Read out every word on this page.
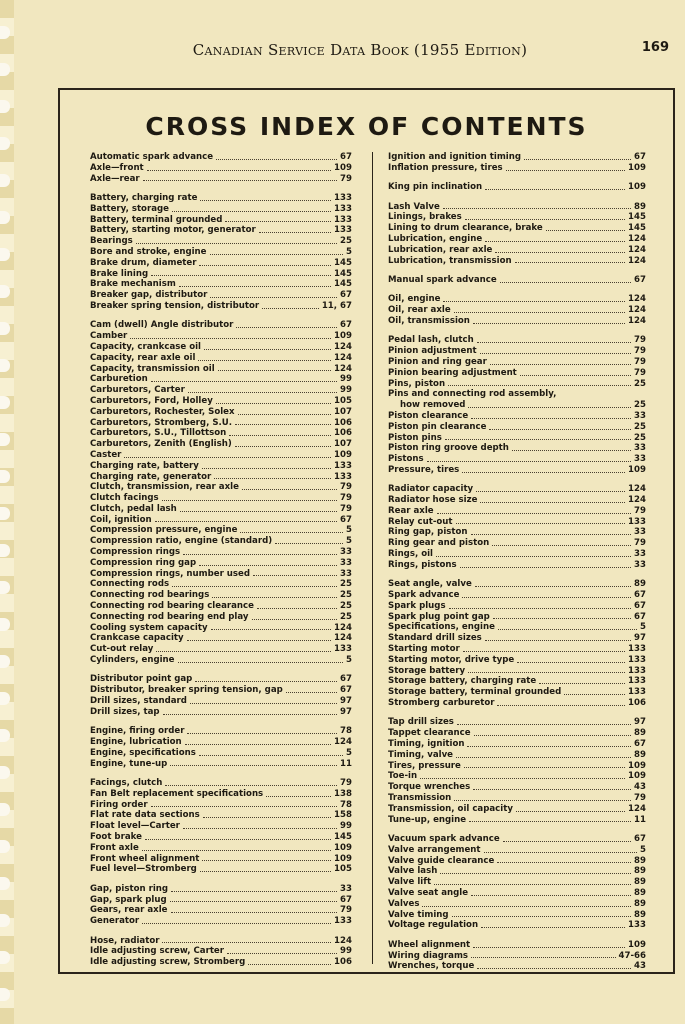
Canadian Service Data Book (1955 Edition)	169
CROSS INDEX OF CONTENTS
Automatic spark advance	67
Axle—front	109
Axle—rear	79
Battery, charging rate	133
Battery, storage	133
Battery, terminal grounded	133
Battery, starting motor, generator	133
Bearings	25
Bore and stroke, engine	5
Brake drum, diameter	145
Brake lining	145
Brake mechanism	145
Breaker gap, distributor	67
Breaker spring tension, distributor	11, 67
Cam (dwell) Angle distributor	67
Camber	109
Capacity, crankcase oil	124
Capacity, rear axle oil	124
Capacity, transmission oil	124
Carburetion	99
Carburetors, Carter	99
Carburetors, Ford, Holley	105
Carburetors, Rochester, Solex	107
Carburetors, Stromberg, S.U.	106
Carburetors, S.U., Tillottson	106
Carburetors, Zenith (English)	107
Caster	109
Charging rate, battery	133
Charging rate, generator	133
Clutch, transmission, rear axle	79
Clutch facings	79
Clutch, pedal lash	79
Coil, ignition	67
Compression pressure, engine	5
Compression ratio, engine (standard)	5
Compression rings	33
Compression ring gap	33
Compression rings, number used	33
Connecting rods	25
Connecting rod bearings	25
Connecting rod bearing clearance	25
Connecting rod bearing end play	25
Cooling system capacity	124
Crankcase capacity	124
Cut-out relay	133
Cylinders, engine	5
Distributor point gap	67
Distributor, breaker spring tension, gap	67
Drill sizes, standard	97
Drill sizes, tap	97
Engine, firing order	78
Engine, lubrication	124
Engine, specifications	5
Engine, tune-up	11
Facings, clutch	79
Fan Belt replacement specifications	138
Firing order	78
Flat rate data sections	158
Float level—Carter	99
Foot brake	145
Front axle	109
Front wheel alignment	109
Fuel level—Stromberg	105
Gap, piston ring	33
Gap, spark plug	67
Gears, rear axle	79
Generator	133
Hose, radiator	124
Idle adjusting screw, Carter	99
Idle adjusting screw, Stromberg	106
Ignition and ignition timing	67
Inflation pressure, tires	109
King pin inclination	109
Lash Valve	89
Linings, brakes	145
Lining to drum clearance, brake	145
Lubrication, engine	124
Lubrication, rear axle	124
Lubrication, transmission	124
Manual spark advance	67
Oil, engine	124
Oil, rear axle	124
Oil, transmission	124
Pedal lash, clutch	79
Pinion adjustment	79
Pinion and ring gear	79
Pinion bearing adjustment	79
Pins, piston	25
Pins and connecting rod assembly,
how removed	25
Piston clearance	33
Piston pin clearance	25
Piston pins	25
Piston ring groove depth	33
Pistons	33
Pressure, tires	109
Radiator capacity	124
Radiator hose size	124
Rear axle	79
Relay cut-out	133
Ring gap, piston	33
Ring gear and piston	79
Rings, oil	33
Rings, pistons	33
Seat angle, valve	89
Spark advance	67
Spark plugs	67
Spark plug point gap	67
Specifications, engine	5
Standard drill sizes	97
Starting motor	133
Starting motor, drive type	133
Storage battery	133
Storage battery, charging rate	133
Storage battery, terminal grounded	133
Stromberg carburetor	106
Tap drill sizes	97
Tappet clearance	89
Timing, ignition	67
Timing, valve	89
Tires, pressure	109
Toe-in	109
Torque wrenches	43
Transmission	79
Transmission, oil capacity	124
Tune-up, engine	11
Vacuum spark advance	67
Valve arrangement	5
Valve guide clearance	89
Valve lash	89
Valve lift	89
Valve seat angle	89
Valves	89
Valve timing	89
Voltage regulation	133
Wheel alignment	109
Wiring diagrams	47-66
Wrenches, torque	43
